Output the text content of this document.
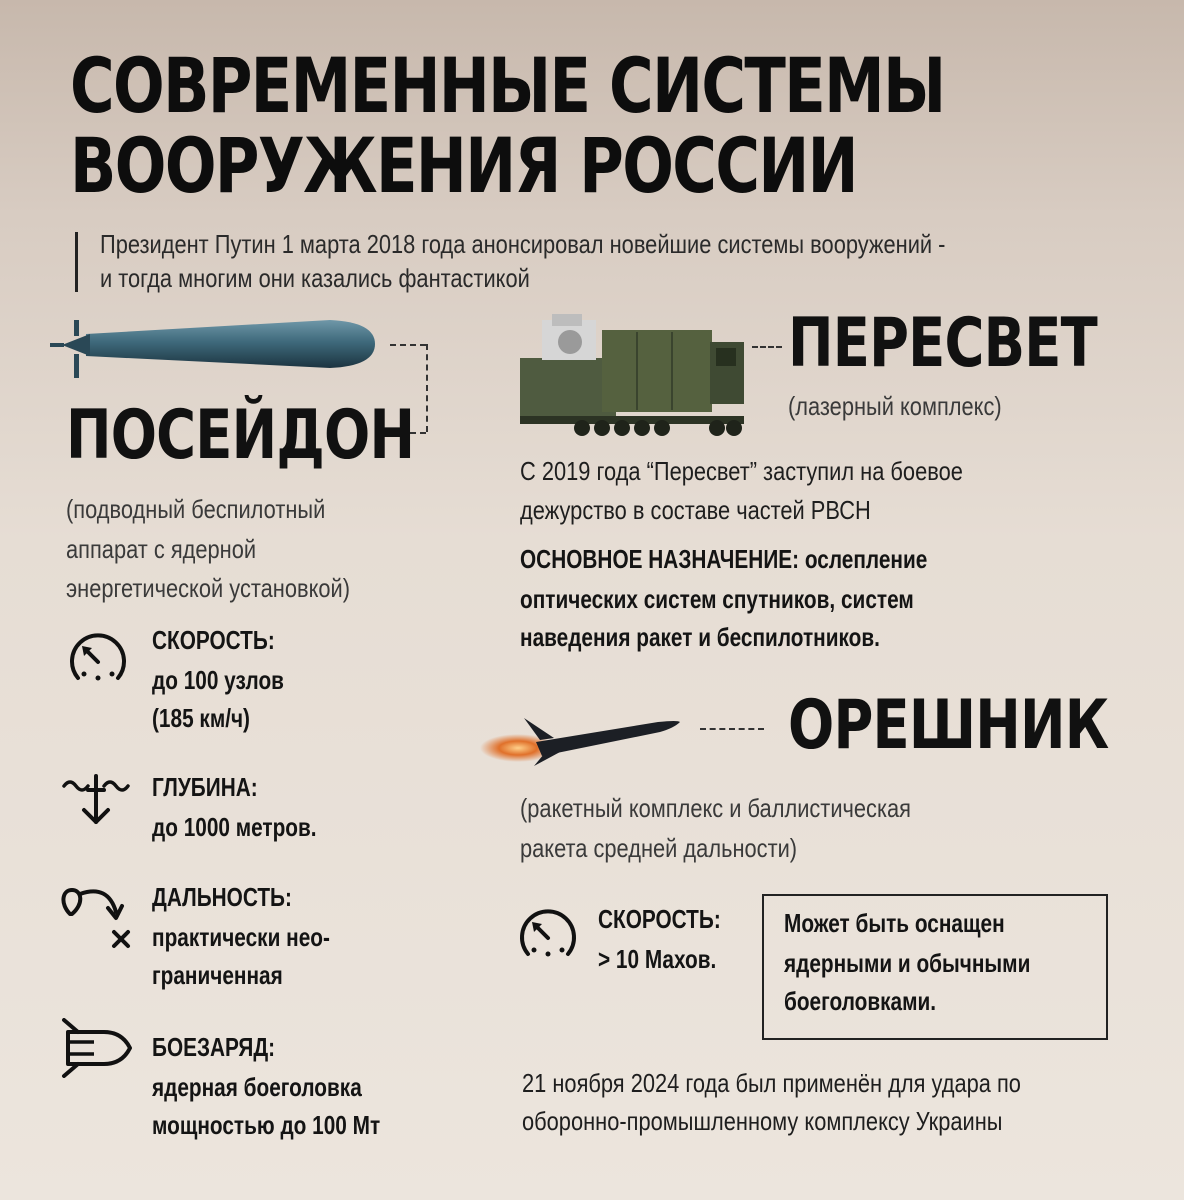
СОВРЕМЕННЫЕ СИСТЕМЫ
ВООРУЖЕНИЯ РОССИИ
Президент Путин 1 марта 2018 года анонсировал новейшие системы вооружений -
и тогда многим они казались фантастикой
ПОСЕЙДОН
(подводный беспилотный
аппарат с ядерной
энергетической установкой)
СКОРОСТЬ:
до 100 узлов
(185 км/ч)
ГЛУБИНА:
до 1000 метров.
ДАЛЬНОСТЬ:
практически нео-
граниченная
БОЕЗАРЯД:
ядерная боеголовка
мощностью до 100 Мт
ПЕРЕСВЕТ
(лазерный комплекс)
С 2019 года “Пересвет” заступил на боевое
дежурство в составе частей РВСН
ОСНОВНОЕ НАЗНАЧЕНИЕ: ослепление
оптических систем спутников, систем
наведения ракет и беспилотников.
ОРЕШНИК
(ракетный комплекс и баллистическая
ракета средней дальности)
СКОРОСТЬ:
> 10 Махов.
Может быть оснащен
ядерными и обычными
боеголовками.
21 ноября 2024 года был применён для удара по
оборонно-промышленному комплексу Украины
